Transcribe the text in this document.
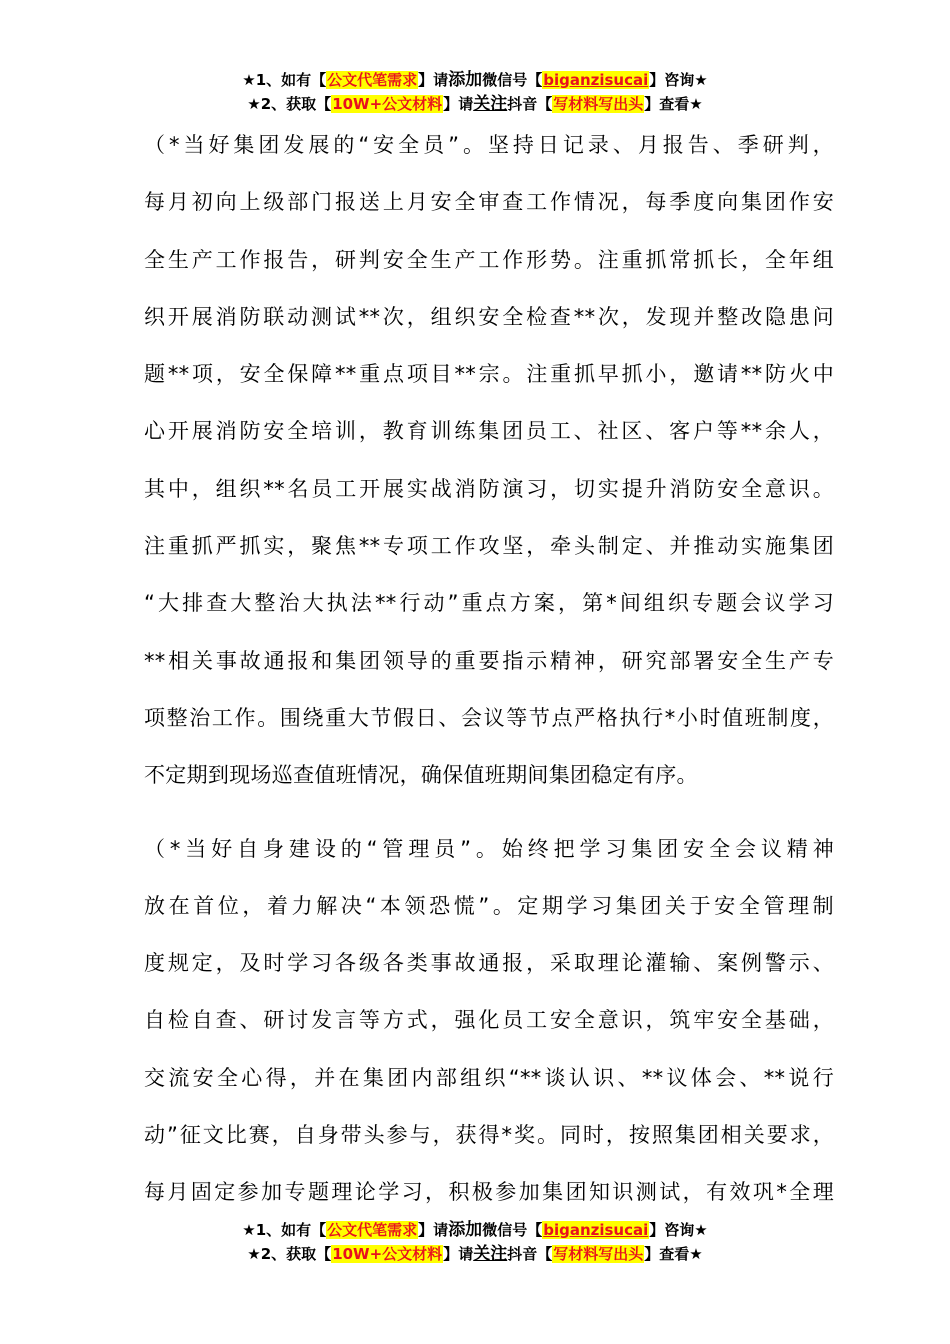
★1、如有【公文代笔需求】请添加微信号【biganzisucai】咨询★
★2、获取【10W+公文材料】请关注抖音【写材料写出头】查看★
（*当好集团发展的“安全员”。坚持日记录、月报告、季研判，
每月初向上级部门报送上月安全审查工作情况，每季度向集团作安
全生产工作报告，研判安全生产工作形势。注重抓常抓长，全年组
织开展消防联动测试**次，组织安全检查**次，发现并整改隐患问
题**项，安全保障**重点项目**宗。注重抓早抓小，邀请**防火中
心开展消防安全培训，教育训练集团员工、社区、客户等**余人，
其中，组织**名员工开展实战消防演习，切实提升消防安全意识。
注重抓严抓实，聚焦**专项工作攻坚，牵头制定、并推动实施集团
“大排查大整治大执法**行动”重点方案，第*间组织专题会议学习
**相关事故通报和集团领导的重要指示精神，研究部署安全生产专
项整治工作。围绕重大节假日、会议等节点严格执行*小时值班制度，
不定期到现场巡查值班情况，确保值班期间集团稳定有序。
（*当好自身建设的“管理员”。始终把学习集团安全会议精神
放在首位，着力解决“本领恐慌”。定期学习集团关于安全管理制
度规定，及时学习各级各类事故通报，采取理论灌输、案例警示、
自检自查、研讨发言等方式，强化员工安全意识，筑牢安全基础，
交流安全心得，并在集团内部组织“**谈认识、**议体会、**说行
动”征文比赛，自身带头参与，获得*奖。同时，按照集团相关要求，
每月固定参加专题理论学习，积极参加集团知识测试，有效巩*全理
★1、如有【公文代笔需求】请添加微信号【biganzisucai】咨询★
★2、获取【10W+公文材料】请关注抖音【写材料写出头】查看★
